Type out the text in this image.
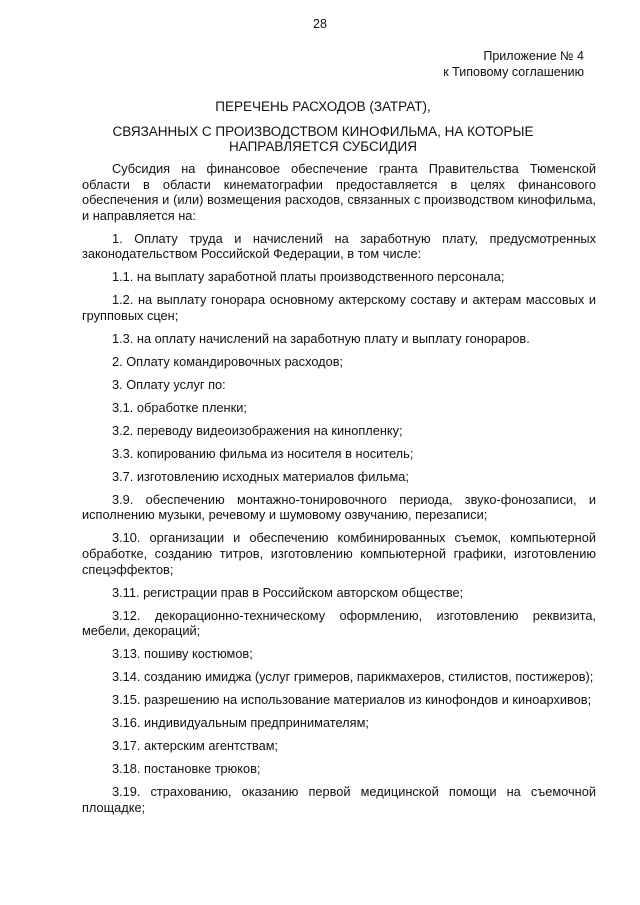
28
Приложение № 4
к Типовому соглашению
ПЕРЕЧЕНЬ РАСХОДОВ (ЗАТРАТ),
СВЯЗАННЫХ С ПРОИЗВОДСТВОМ КИНОФИЛЬМА, НА КОТОРЫЕ НАПРАВЛЯЕТСЯ СУБСИДИЯ

Субсидия на финансовое обеспечение гранта Правительства Тюменской области в области кинематографии предоставляется в целях финансового обеспечения и (или) возмещения расходов, связанных с производством кинофильма, и направляется на:

1. Оплату труда и начислений на заработную плату, предусмотренных законодательством Российской Федерации, в том числе:

1.1. на выплату заработной платы производственного персонала;

1.2. на выплату гонорара основному актерскому составу и актерам массовых и групповых сцен;

1.3. на оплату начислений на заработную плату и выплату гонораров.

2. Оплату командировочных расходов;

3. Оплату услуг по:

3.1. обработке пленки;

3.2. переводу видеоизображения на кинопленку;

3.3. копированию фильма из носителя в носитель;

3.7. изготовлению исходных материалов фильма;

3.9. обеспечению монтажно-тонировочного периода, звуко-фонозаписи, и исполнению музыки, речевому и шумовому озвучанию, перезаписи;

3.10. организации и обеспечению комбинированных съемок, компьютерной обработке, созданию титров, изготовлению компьютерной графики, изготовлению спецэффектов;

3.11. регистрации прав в Российском авторском обществе;

3.12. декорационно-техническому оформлению, изготовлению реквизита, мебели, декораций;

3.13. пошиву костюмов;

3.14. созданию имиджа (услуг гримеров, парикмахеров, стилистов, постижеров);

3.15. разрешению на использование материалов из кинофондов и киноархивов;

3.16. индивидуальным предпринимателям;

3.17. актерским агентствам;

3.18. постановке трюков;

3.19. страхованию, оказанию первой медицинской помощи на съемочной площадке;
